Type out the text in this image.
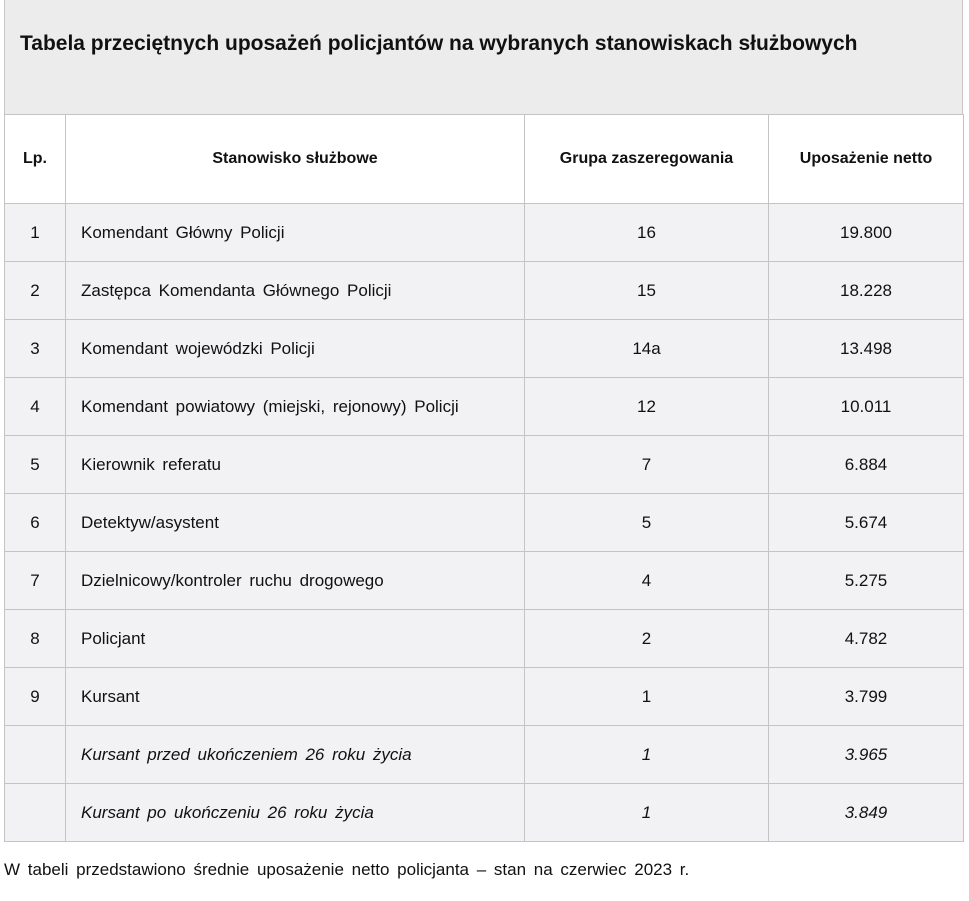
Tabela przeciętnych uposażeń policjantów na wybranych stanowiskach służbowych
Lp.	Stanowisko służbowe	Grupa zaszeregowania	Uposażenie netto
1	Komendant Główny Policji	16	19.800
2	Zastępca Komendanta Głównego Policji	15	18.228
3	Komendant wojewódzki Policji	14a	13.498
4	Komendant powiatowy (miejski, rejonowy) Policji	12	10.011
5	Kierownik referatu	7	6.884
6	Detektyw/asystent	5	5.674
7	Dzielnicowy/kontroler ruchu drogowego	4	5.275
8	Policjant	2	4.782
9	Kursant	1	3.799
	Kursant przed ukończeniem 26 roku życia	1	3.965
	Kursant po ukończeniu 26 roku życia	1	3.849
W tabeli przedstawiono średnie uposażenie netto policjanta – stan na czerwiec 2023 r.
